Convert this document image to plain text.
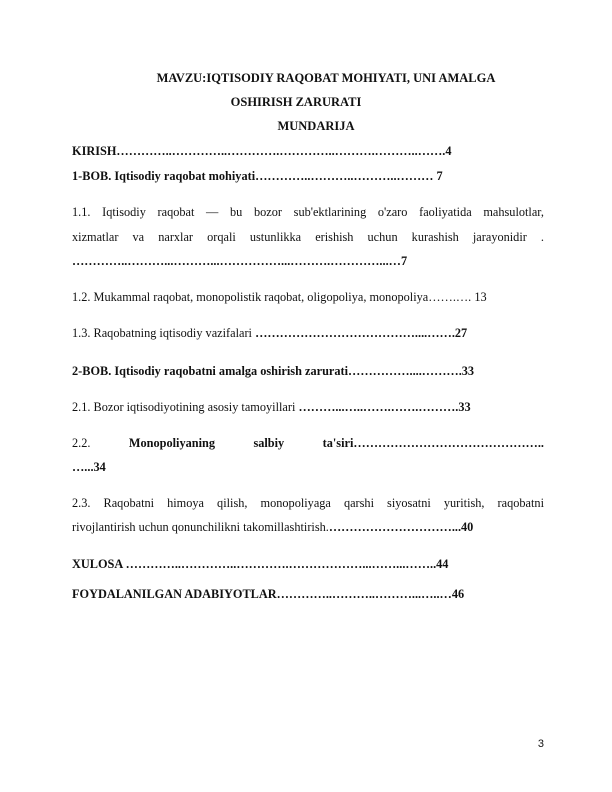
MAVZU:IQTISODIY RAQOBAT MOHIYATI, UNI AMALGA
OSHIRISH ZARURATI
MUNDARIJA
KIRISH…………..…………..………….…………..……….………..…….4
1-BOB. Iqtisodiy raqobat mohiyati…………..………..………..……… 7
1.1. Iqtisodiy raqobat — bu bozor sub'ektlarining o'zaro faoliyatida mahsulotlar,
xizmatlar va narxlar orqali ustunlikka erishish uchun kurashish jarayonidir .
…………..………...………...……………...……….…………...…7
1.2. Mukammal raqobat, monopolistik raqobat, oligopoliya, monopoliya…….…. 13
1.3. Raqobatning iqtisodiy vazifalari …………………………………....…….27
2-BOB. Iqtisodiy raqobatni amalga oshirish zarurati……………....……….33
2.1. Bozor iqtisodiyotining asosiy tamoyillari ………...…..…….…….……….33
2.2.	Monopoliyaning	salbiy	ta'siri………………………………………..
…...34
2.3. Raqobatni himoya qilish, monopoliyaga qarshi siyosatni yuritish, raqobatni
rivojlantirish uchun qonunchilikni takomillashtirish.…………………………...40
XULOSA …………..…………..………….………………...……...……..44
FOYDALANILGAN ADABIYOTLAR…………..………..………...…..…46
3
